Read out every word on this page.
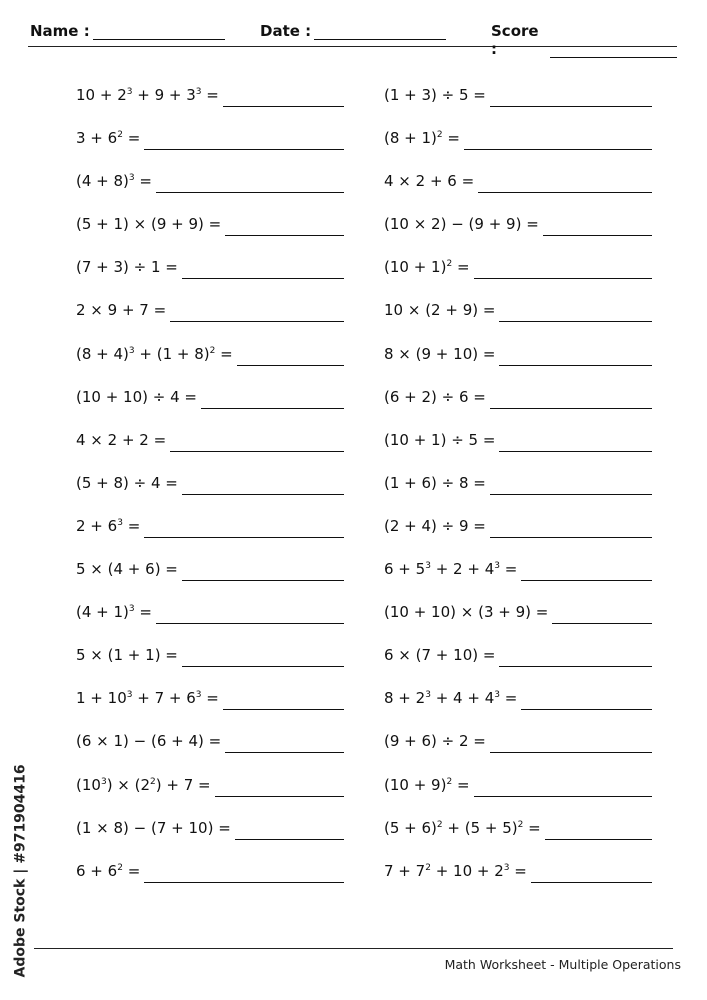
Name :	Date :	Score :
$10 + 2^3 + 9 + 3^3$ =
$3 + 6^2$ =
$(4 + 8)^3$ =
(5 + 1) × (9 + 9) =
(7 + 3) ÷ 1 =
2 × 9 + 7 =
$(8 + 4)^3 + (1 + 8)^2$ =
(10 + 10) ÷ 4 =
4 × 2 + 2 =
(5 + 8) ÷ 4 =
$2 + 6^3$ =
5 × (4 + 6) =
$(4 + 1)^3$ =
5 × (1 + 1) =
$1 + 10^3 + 7 + 6^3$ =
(6 × 1) − (6 + 4) =
$(10^3) \times (2^2) + 7$ =
(1 × 8) − (7 + 10) =
$6 + 6^2$ =
(1 + 3) ÷ 5 =
$(8 + 1)^2$ =
4 × 2 + 6 =
(10 × 2) − (9 + 9) =
$(10 + 1)^2$ =
10 × (2 + 9) =
8 × (9 + 10) =
(6 + 2) ÷ 6 =
(10 + 1) ÷ 5 =
(1 + 6) ÷ 8 =
(2 + 4) ÷ 9 =
$6 + 5^3 + 2 + 4^3$ =
(10 + 10) × (3 + 9) =
6 × (7 + 10) =
$8 + 2^3 + 4 + 4^3$ =
(9 + 6) ÷ 2 =
$(10 + 9)^2$ =
$(5 + 6)^2 + (5 + 5)^2$ =
$7 + 7^2 + 10 + 2^3$ =
Math Worksheet - Multiple Operations
Adobe Stock | #971904416
